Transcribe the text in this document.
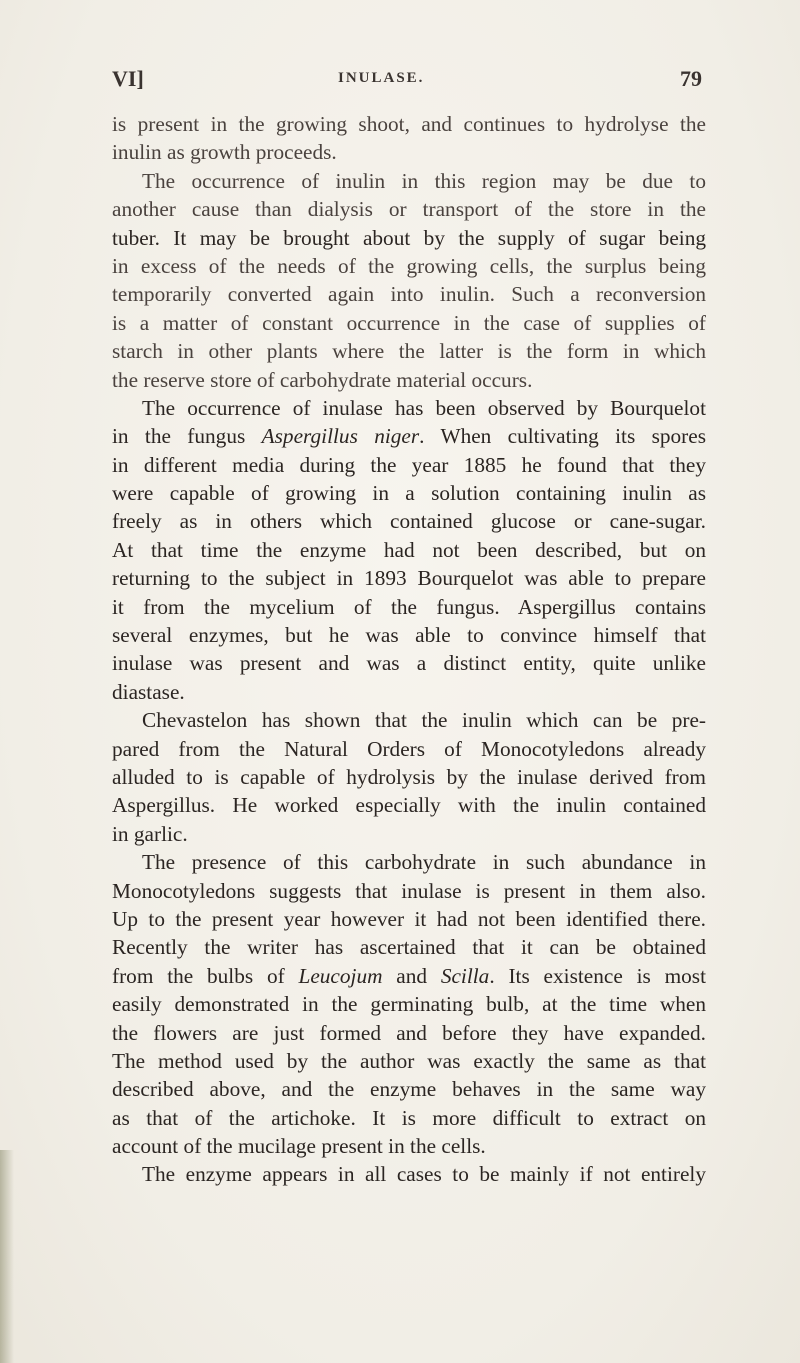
VI]	INULASE.	79
is present in the growing shoot, and continues to hydrolyse the
inulin as growth proceeds.
The occurrence of inulin in this region may be due to
another cause than dialysis or transport of the store in the
tuber. It may be brought about by the supply of sugar being
in excess of the needs of the growing cells, the surplus being
temporarily converted again into inulin. Such a reconversion
is a matter of constant occurrence in the case of supplies of
starch in other plants where the latter is the form in which
the reserve store of carbohydrate material occurs.
The occurrence of inulase has been observed by Bourquelot
in the fungus Aspergillus niger. When cultivating its spores
in different media during the year 1885 he found that they
were capable of growing in a solution containing inulin as
freely as in others which contained glucose or cane-sugar.
At that time the enzyme had not been described, but on
returning to the subject in 1893 Bourquelot was able to prepare
it from the mycelium of the fungus. Aspergillus contains
several enzymes, but he was able to convince himself that
inulase was present and was a distinct entity, quite unlike
diastase.
Chevastelon has shown that the inulin which can be pre-
pared from the Natural Orders of Monocotyledons already
alluded to is capable of hydrolysis by the inulase derived from
Aspergillus. He worked especially with the inulin contained
in garlic.
The presence of this carbohydrate in such abundance in
Monocotyledons suggests that inulase is present in them also.
Up to the present year however it had not been identified there.
Recently the writer has ascertained that it can be obtained
from the bulbs of Leucojum and Scilla. Its existence is most
easily demonstrated in the germinating bulb, at the time when
the flowers are just formed and before they have expanded.
The method used by the author was exactly the same as that
described above, and the enzyme behaves in the same way
as that of the artichoke. It is more difficult to extract on
account of the mucilage present in the cells.
The enzyme appears in all cases to be mainly if not entirely
